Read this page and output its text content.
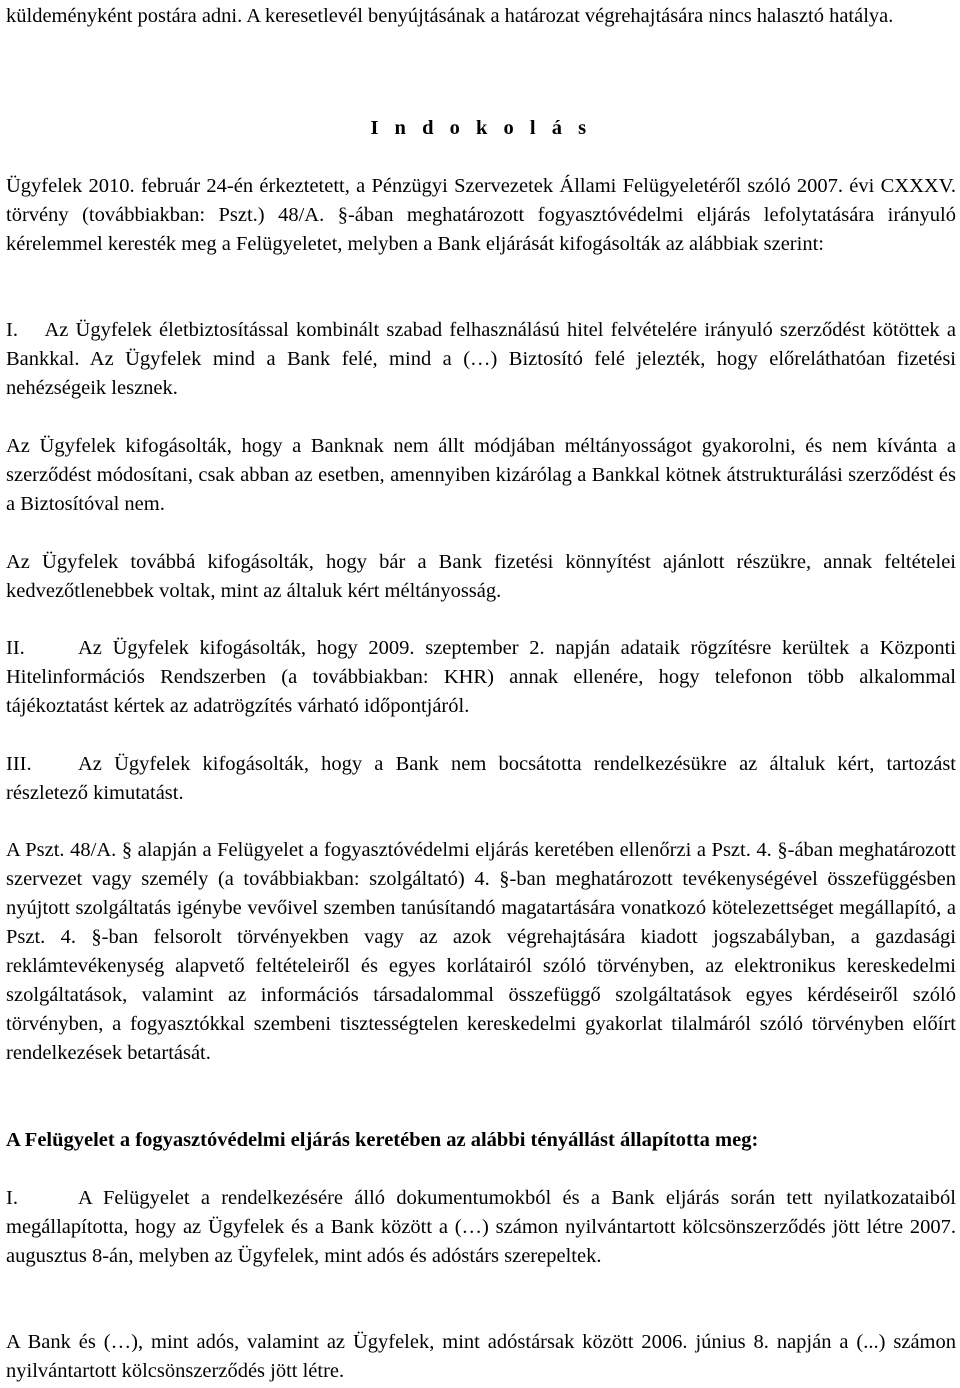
küldeményként postára adni. A keresetlevél benyújtásának a határozat végrehajtására nincs halasztó hatálya.

I n d o k o l á s

Ügyfelek 2010. február 24-én érkeztetett, a Pénzügyi Szervezetek Állami Felügyeletéről szóló 2007. évi CXXXV. törvény (továbbiakban: Pszt.) 48/A. §-ában meghatározott fogyasztóvédelmi eljárás lefolytatására irányuló kérelemmel keresték meg a Felügyeletet, melyben a Bank eljárását kifogásolták az alábbiak szerint:

I. Az Ügyfelek életbiztosítással kombinált szabad felhasználású hitel felvételére irányuló szerződést kötöttek a Bankkal. Az Ügyfelek mind a Bank felé, mind a (…) Biztosító felé jelezték, hogy előreláthatóan fizetési nehézségeik lesznek.

Az Ügyfelek kifogásolták, hogy a Banknak nem állt módjában méltányosságot gyakorolni, és nem kívánta a szerződést módosítani, csak abban az esetben, amennyiben kizárólag a Bankkal kötnek átstrukturálási szerződést és a Biztosítóval nem.

Az Ügyfelek továbbá kifogásolták, hogy bár a Bank fizetési könnyítést ajánlott részükre, annak feltételei kedvezőtlenebbek voltak, mint az általuk kért méltányosság.

II.	Az Ügyfelek kifogásolták, hogy 2009. szeptember 2. napján adataik rögzítésre kerültek a Központi Hitelinformációs Rendszerben (a továbbiakban: KHR) annak ellenére, hogy telefonon több alkalommal tájékoztatást kértek az adatrögzítés várható időpontjáról.

III. Az Ügyfelek kifogásolták, hogy a Bank nem bocsátotta rendelkezésükre az általuk kért, tartozást részletező kimutatást.

A Pszt. 48/A. § alapján a Felügyelet a fogyasztóvédelmi eljárás keretében ellenőrzi a Pszt. 4. §-ában meghatározott szervezet vagy személy (a továbbiakban: szolgáltató) 4. §-ban meghatározott tevékenységével összefüggésben nyújtott szolgáltatás igénybe vevőivel szemben tanúsítandó magatartására vonatkozó kötelezettséget megállapító, a Pszt. 4. §-ban felsorolt törvényekben vagy az azok végrehajtására kiadott jogszabályban, a gazdasági reklámtevékenység alapvető feltételeiről és egyes korlátairól szóló törvényben, az elektronikus kereskedelmi szolgáltatások, valamint az információs társadalommal összefüggő szolgáltatások egyes kérdéseiről szóló törvényben, a fogyasztókkal szembeni tisztességtelen kereskedelmi gyakorlat tilalmáról szóló törvényben előírt rendelkezések betartását.

A Felügyelet a fogyasztóvédelmi eljárás keretében az alábbi tényállást állapította meg:

I.	A Felügyelet a rendelkezésére álló dokumentumokból és a Bank eljárás során tett nyilatkozataiból megállapította, hogy az Ügyfelek és a Bank között a (…) számon nyilvántartott kölcsönszerződés jött létre 2007. augusztus 8-án, melyben az Ügyfelek, mint adós és adóstárs szerepeltek.

A Bank és (…), mint adós, valamint az Ügyfelek, mint adóstársak között 2006. június 8. napján a (...) számon nyilvántartott kölcsönszerződés jött létre.
